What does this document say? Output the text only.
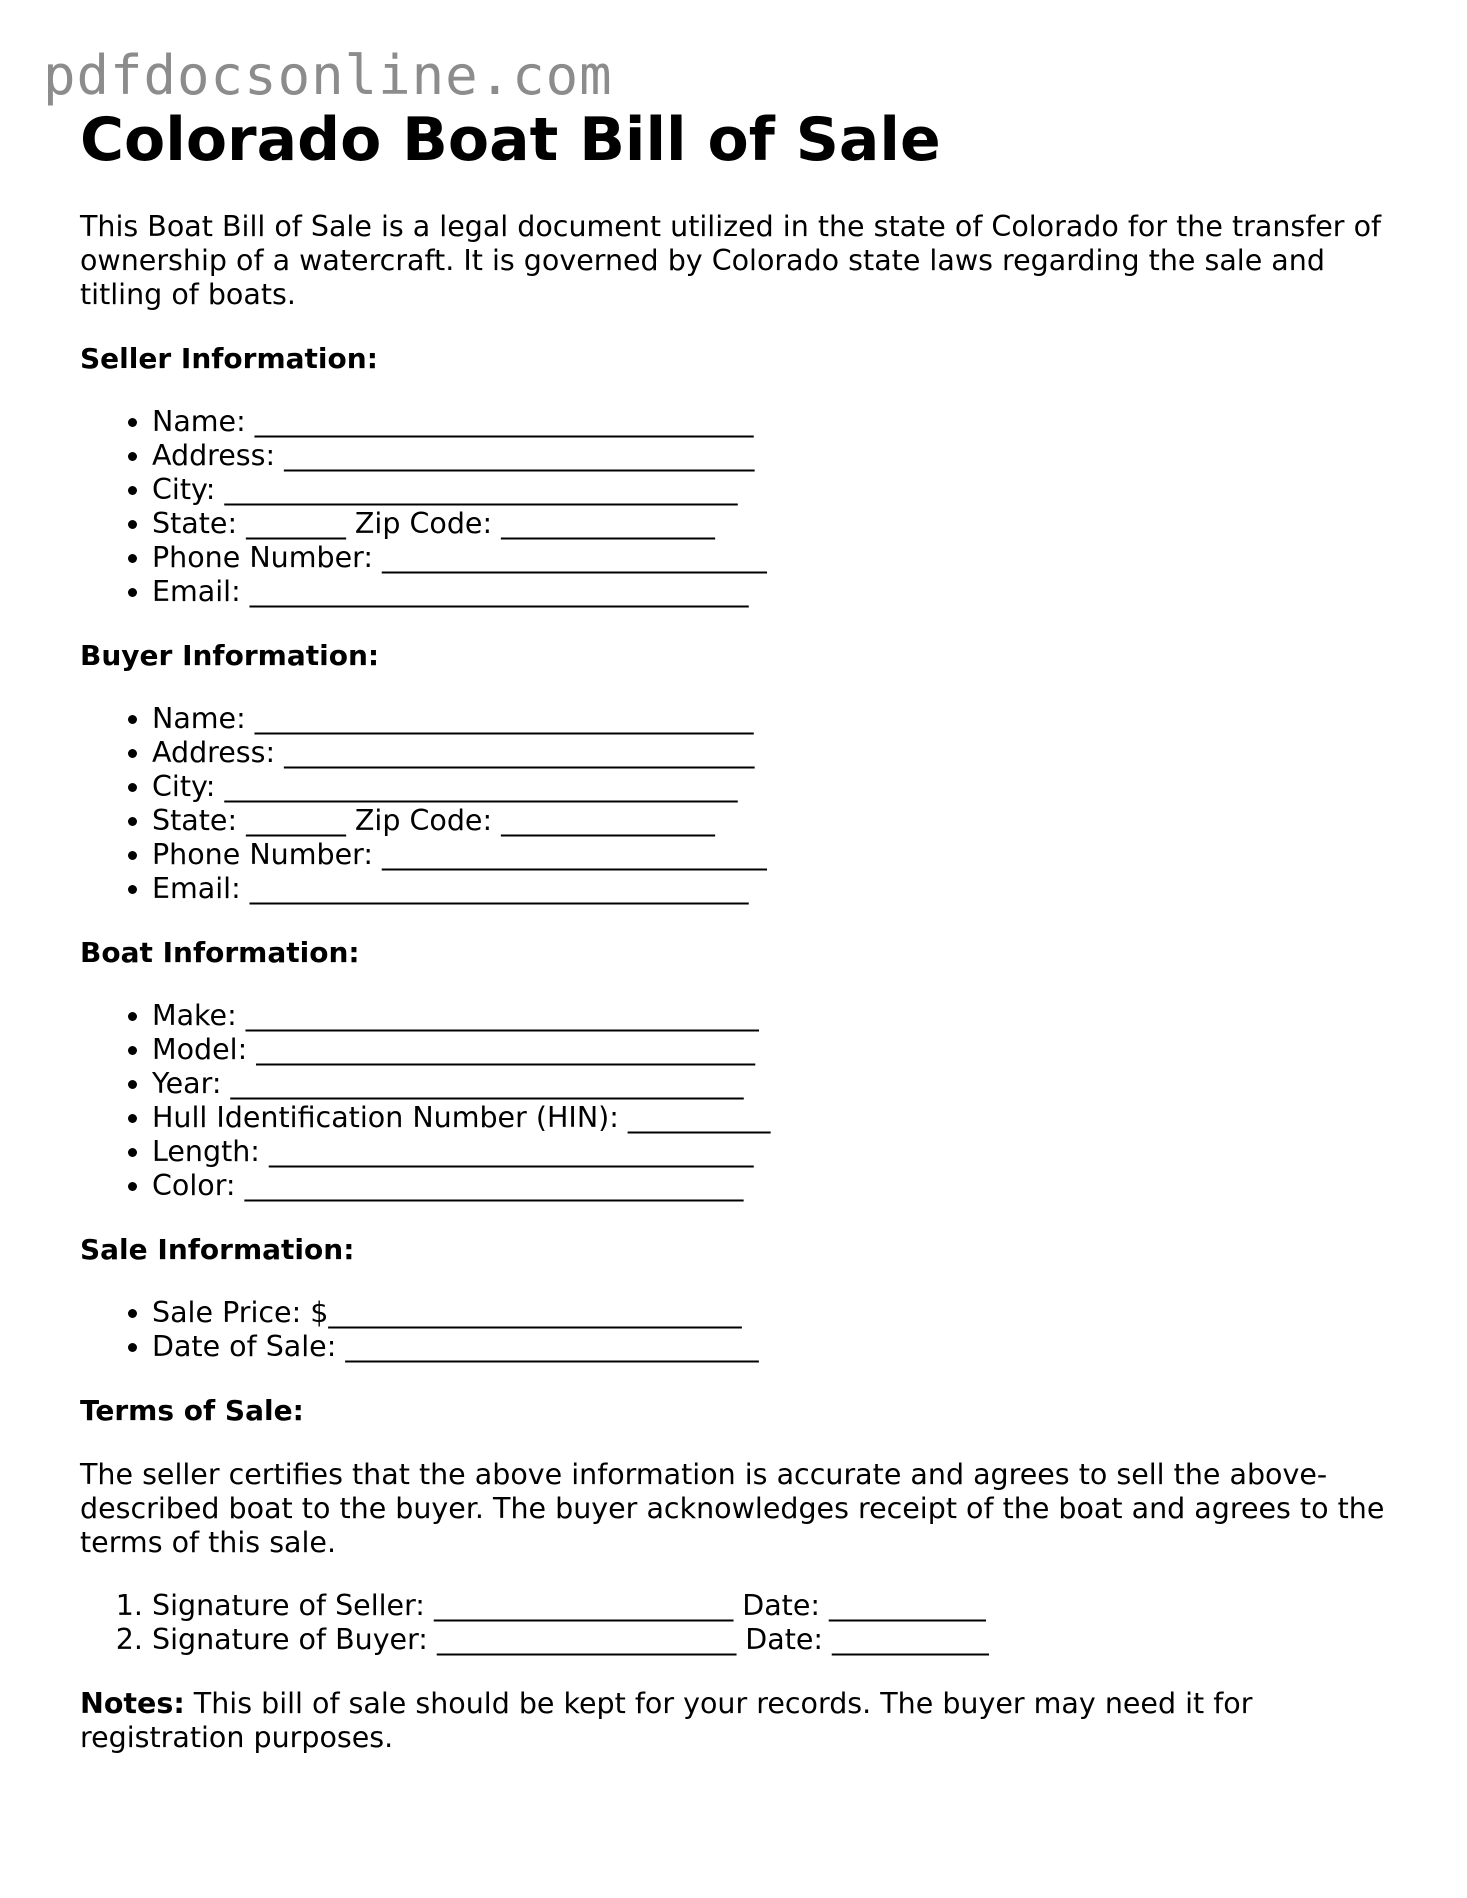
pdfdocsonline.com
Colorado Boat Bill of Sale

This Boat Bill of Sale is a legal document utilized in the state of Colorado for the transfer of ownership of a watercraft. It is governed by Colorado state laws regarding the sale and titling of boats.

Seller Information:
• Name: ___________________________________
• Address: _________________________________
• City: ____________________________________
• State: _______ Zip Code: _______________
• Phone Number: ___________________________
• Email: ___________________________________
Buyer Information:
• Name: ___________________________________
• Address: _________________________________
• City: ____________________________________
• State: _______ Zip Code: _______________
• Phone Number: ___________________________
• Email: ___________________________________
Boat Information:
• Make: ____________________________________
• Model: ___________________________________
• Year: ____________________________________
• Hull Identification Number (HIN): __________
• Length: __________________________________
• Color: ___________________________________
Sale Information:
• Sale Price: $_____________________________
• Date of Sale: _____________________________
Terms of Sale:

The seller certifies that the above information is accurate and agrees to sell the above-described boat to the buyer. The buyer acknowledges receipt of the boat and agrees to the terms of this sale.

1. Signature of Seller: _____________________ Date: ___________
2. Signature of Buyer: _____________________ Date: ___________

Notes: This bill of sale should be kept for your records. The buyer may need it for registration purposes.
